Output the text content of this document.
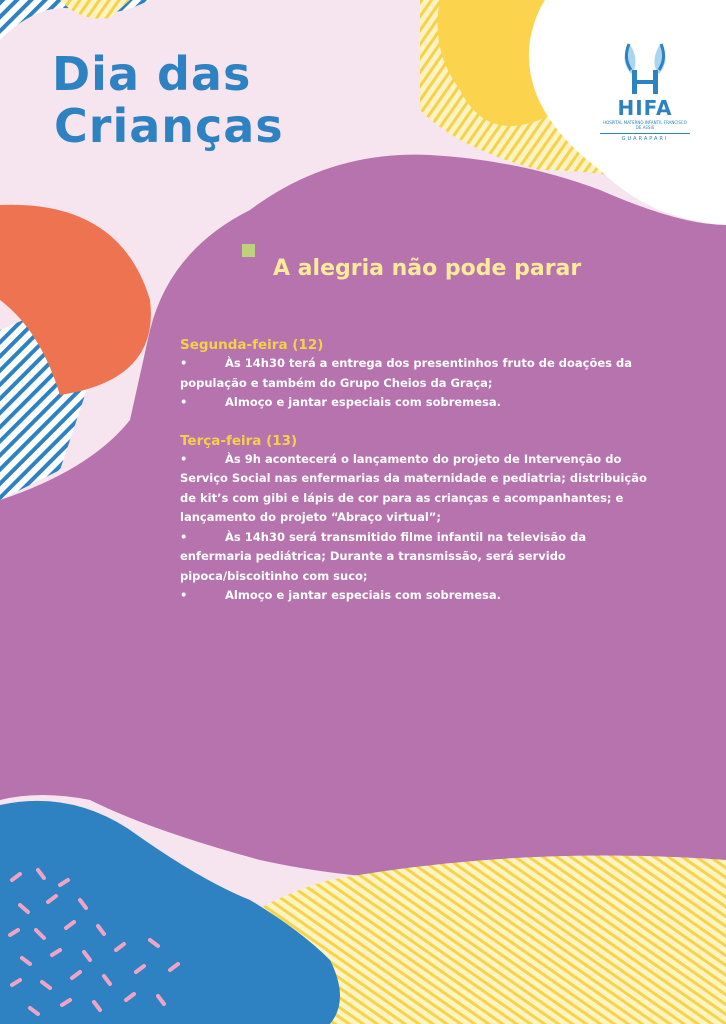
Dia das
Crianças	HIFA
HOSPITAL MATERNO INFANTIL FRANCISCO DE ASSIS
GUARAPARI
A alegria não pode parar
Segunda-feira (12)
•	Às 14h30 terá a entrega dos presentinhos fruto de doações da população e também do Grupo Cheios da Graça;
•	Almoço e jantar especiais com sobremesa.
Terça-feira (13)
•	Às 9h acontecerá o lançamento do projeto de Intervenção do Serviço Social nas enfermarias da maternidade e pediatria; distribuição de kit’s com gibi e lápis de cor para as crianças e acompanhantes; e lançamento do projeto “Abraço virtual”;
•	Às 14h30 será transmitido filme infantil na televisão da enfermaria pediátrica; Durante a transmissão, será servido pipoca/biscoitinho com suco;
•	Almoço e jantar especiais com sobremesa.
